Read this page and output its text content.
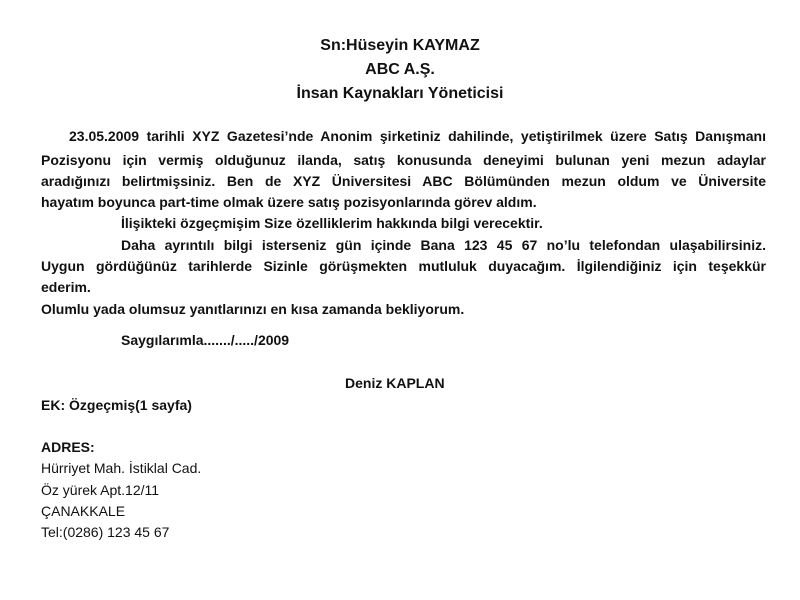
Sn:Hüseyin KAYMAZ
ABC A.Ş.
İnsan Kaynakları Yöneticisi
23.05.2009 tarihli XYZ Gazetesi’nde Anonim şirketiniz dahilinde, yetiştirilmek üzere Satış Danışmanı
Pozisyonu için vermiş olduğunuz ilanda, satış konusunda deneyimi bulunan yeni mezun adaylar
aradığınızı belirtmişsiniz. Ben de XYZ Üniversitesi ABC Bölümünden mezun oldum ve Üniversite
hayatım boyunca part-time olmak üzere satış pozisyonlarında görev aldım.
İlişikteki özgeçmişim Size özelliklerim hakkında bilgi verecektir.
Daha ayrıntılı bilgi isterseniz gün içinde Bana 123 45 67 no’lu telefondan ulaşabilirsiniz.
Uygun gördüğünüz tarihlerde Sizinle görüşmekten mutluluk duyacağım. İlgilendiğiniz için teşekkür
ederim.
Olumlu yada olumsuz yanıtlarınızı en kısa zamanda bekliyorum.
Saygılarımla......./...../2009
Deniz KAPLAN
EK: Özgeçmiş(1 sayfa)
ADRES:
Hürriyet Mah. İstiklal Cad.
Öz yürek Apt.12/11
ÇANAKKALE
Tel:(0286) 123 45 67
